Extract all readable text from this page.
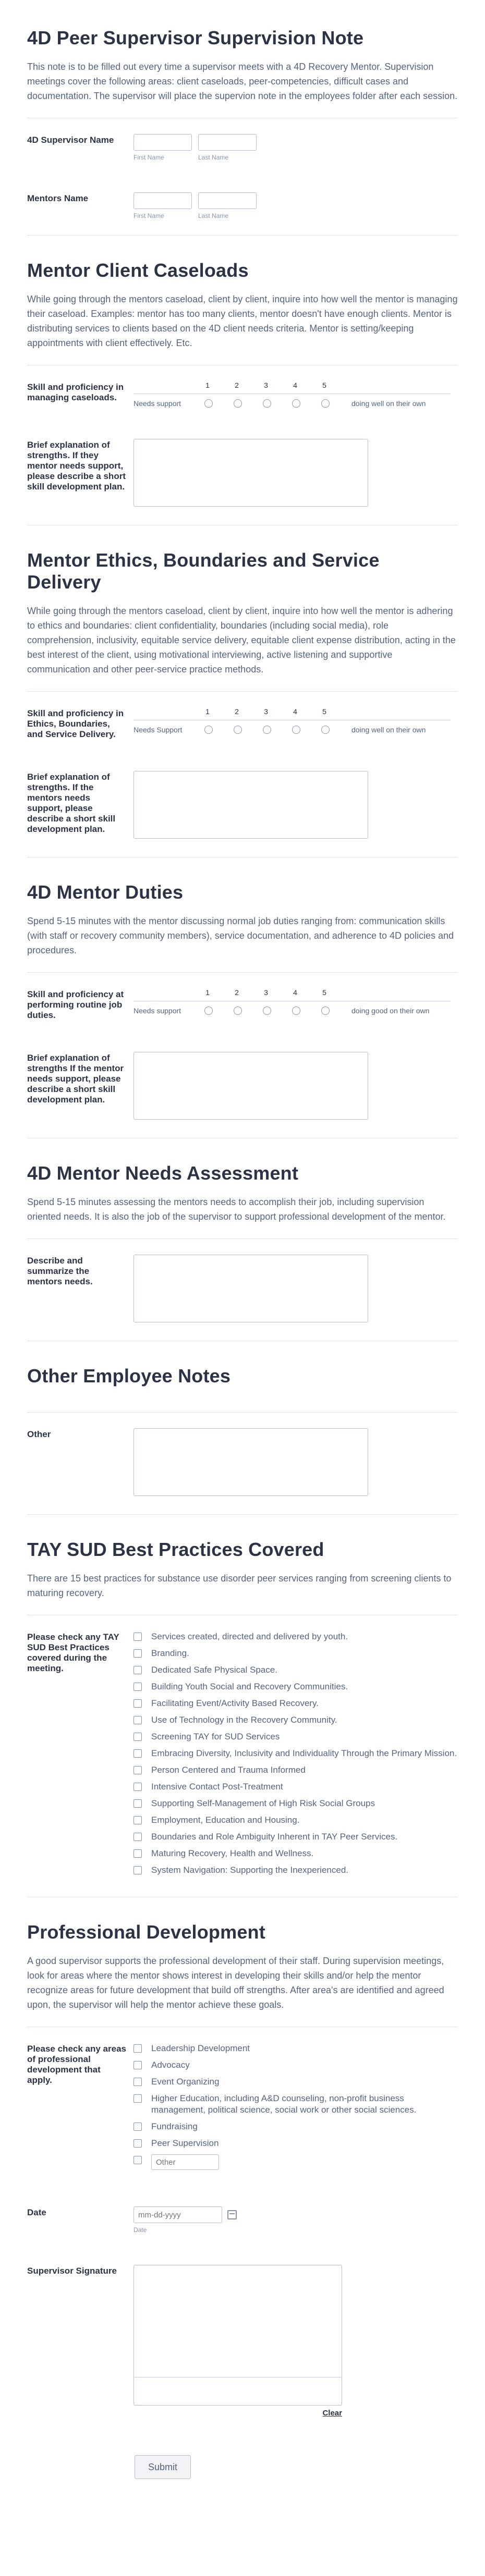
4D Peer Supervisor Supervision Note

This note is to be filled out every time a supervisor meets with a 4D Recovery Mentor. Supervision meetings cover the following areas: client caseloads, peer-competencies, difficult cases and documentation. The supervisor will place the supervion note in the employees folder after each session.

4D Supervisor Name
First Name	Last Name
Mentors Name
First Name	Last Name
Mentor Client Caseloads

While going through the mentors caseload, client by client, inquire into how well the mentor is managing their caseload. Examples: mentor has too many clients, mentor doesn't have enough clients. Mentor is distributing services to clients based on the 4D client needs criteria. Mentor is setting/keeping appointments with client effectively. Etc.

Skill and proficiency in managing caseloads.
1	2	3	4	5
Needs support	doing well on their own
Brief explanation of strengths. If they mentor needs support, please describe a short skill development plan.
Mentor Ethics, Boundaries and Service Delivery

While going through the mentors caseload, client by client, inquire into how well the mentor is adhering to ethics and boundaries: client confidentiality, boundaries (including social media), role comprehension, inclusivity, equitable service delivery, equitable client expense distribution, acting in the best interest of the client, using motivational interviewing, active listening and supportive communication and other peer-service practice methods.

Skill and proficiency in Ethics, Boundaries, and Service Delivery.
1	2	3	4	5
Needs Support	doing well on their own
Brief explanation of strengths. If the mentors needs support, please describe a short skill development plan.
4D Mentor Duties

Spend 5-15 minutes with the mentor discussing normal job duties ranging from: communication skills (with staff or recovery community members), service documentation, and adherence to 4D policies and procedures.

Skill and proficiency at performing routine job duties.
1	2	3	4	5
Needs support	doing good on their own
Brief explanation of strengths If the mentor needs support, please describe a short skill development plan.
4D Mentor Needs Assessment

Spend 5-15 minutes assessing the mentors needs to accomplish their job, including supervision oriented needs. It is also the job of the supervisor to support professional development of the mentor.

Describe and summarize the mentors needs.
Other Employee Notes
Other
TAY SUD Best Practices Covered

There are 15 best practices for substance use disorder peer services ranging from screening clients to maturing recovery.

Please check any TAY SUD Best Practices covered during the meeting.
Services created, directed and delivered by youth.
Branding.
Dedicated Safe Physical Space.
Building Youth Social and Recovery Communities.
Facilitating Event/Activity Based Recovery.
Use of Technology in the Recovery Community.
Screening TAY for SUD Services
Embracing Diversity, Inclusivity and Individuality Through the Primary Mission.
Person Centered and Trauma Informed
Intensive Contact Post-Treatment
Supporting Self-Management of High Risk Social Groups
Employment, Education and Housing.
Boundaries and Role Ambiguity Inherent in TAY Peer Services.
Maturing Recovery, Health and Wellness.
System Navigation: Supporting the Inexperienced.
Professional Development

A good supervisor supports the professional development of their staff. During supervision meetings, look for areas where the mentor shows interest in developing their skills and/or help the mentor recognize areas for future development that build off strengths. After area's are identified and agreed upon, the supervisor will help the mentor achieve these goals.

Please check any areas of professional development that apply.
Leadership Development
Advocacy
Event Organizing
Higher Education, including A&D counseling, non-profit business management, political science, social work or other social sciences.
Fundraising
Peer Supervision
Other
Date
mm-dd-yyyy
Date
Supervisor Signature
Clear
Submit
